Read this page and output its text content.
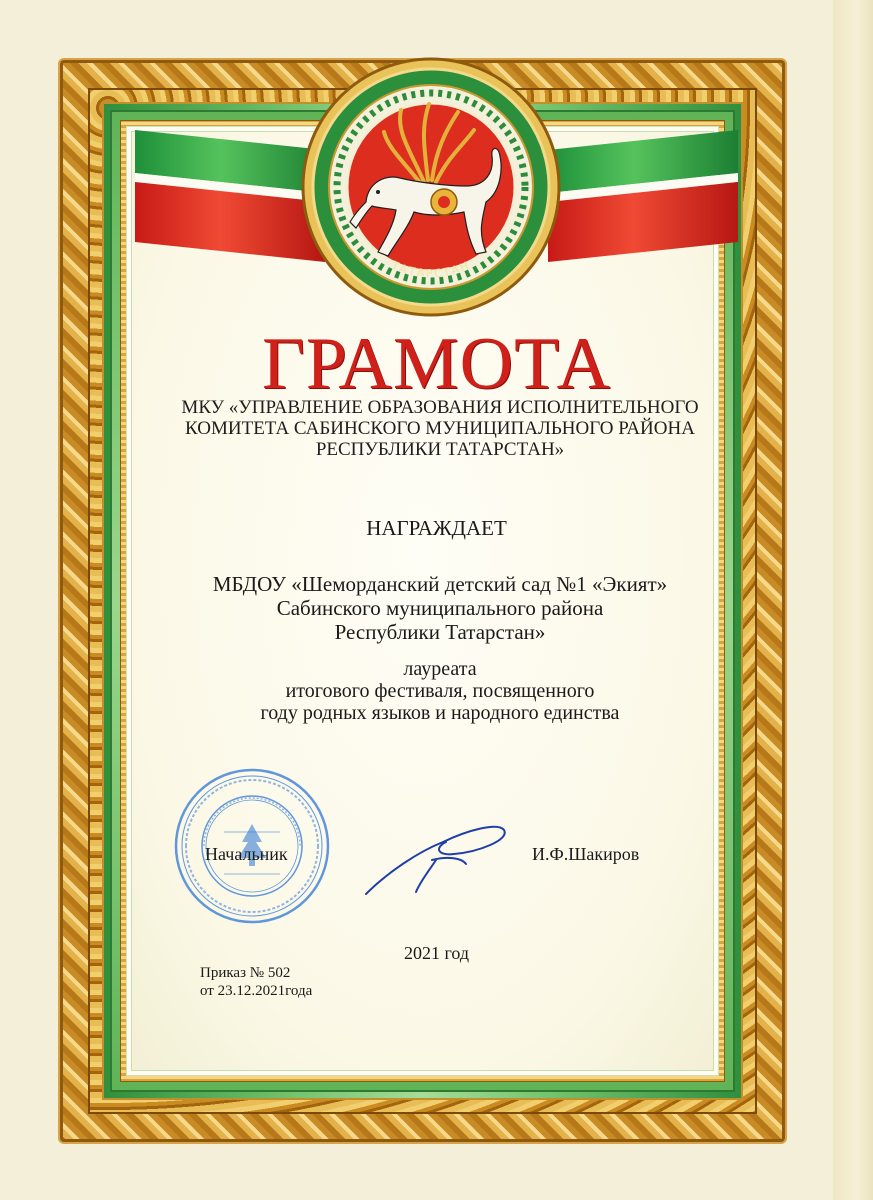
ТАТАРСТАН
ГРАМОТА
МКУ «УПРАВЛЕНИЕ ОБРАЗОВАНИЯ ИСПОЛНИТЕЛЬНОГО
КОМИТЕТА САБИНСКОГО МУНИЦИПАЛЬНОГО РАЙОНА
РЕСПУБЛИКИ ТАТАРСТАН»
НАГРАЖДАЕТ
МБДОУ «Шеморданский детский сад №1 «Экият»
Сабинского муниципального района
Республики Татарстан»
лауреата
итогового фестиваля, посвященного
году родных языков и народного единства
Начальник	И.Ф.Шакиров
2021 год
Приказ № 502
от 23.12.2021года
